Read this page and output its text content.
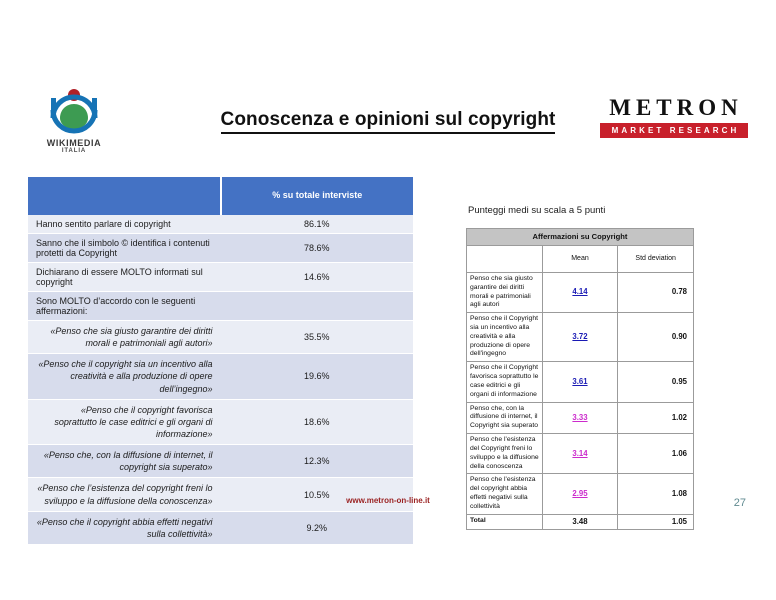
WIKIMEDIA
ITALIA
METRON
MARKET RESEARCH
Conoscenza e opinioni sul copyright
	% su totale interviste
Hanno sentito parlare di copyright	86.1%
Sanno che il simbolo © identifica i contenuti protetti da Copyright	78.6%
Dichiarano di essere MOLTO informati sul copyright	14.6%
Sono MOLTO d’accordo con le seguenti affermazioni:	
«Penso che sia giusto garantire dei diritti morali e patrimoniali agli autori»	35.5%
«Penso che il copyright sia un incentivo alla creatività e alla produzione di opere dell’ingegno»	19.6%
«Penso che il copyright favorisca soprattutto le case editrici e gli organi di informazione»	18.6%
«Penso che, con la diffusione di internet, il copyright sia superato»	12.3%
«Penso che l’esistenza del copyright freni lo sviluppo e la diffusione della conoscenza»	10.5%
«Penso che il copyright abbia effetti negativi sulla collettività»	9.2%
Punteggi medi su scala a 5 punti
Affermazioni su Copyright		
	Mean	Std deviation
Penso che sia giusto garantire dei diritti morali e patrimoniali agli autori	4.14	0.78
Penso che il Copyright sia un incentivo alla creatività e alla produzione di opere dell'ingegno	3.72	0.90
Penso che il Copyright favorisca soprattutto le case editrici e gli organi di informazione	3.61	0.95
Penso che, con la diffusione di internet, il Copyright sia superato	3.33	1.02
Penso che l'esistenza del Copyright freni lo sviluppo e la diffusione della conoscenza	3.14	1.06
Penso che l'esistenza del copyright abbia effetti negativi sulla collettività	2.95	1.08
Total	3.48	1.05
www.metron-on-line.it	27
